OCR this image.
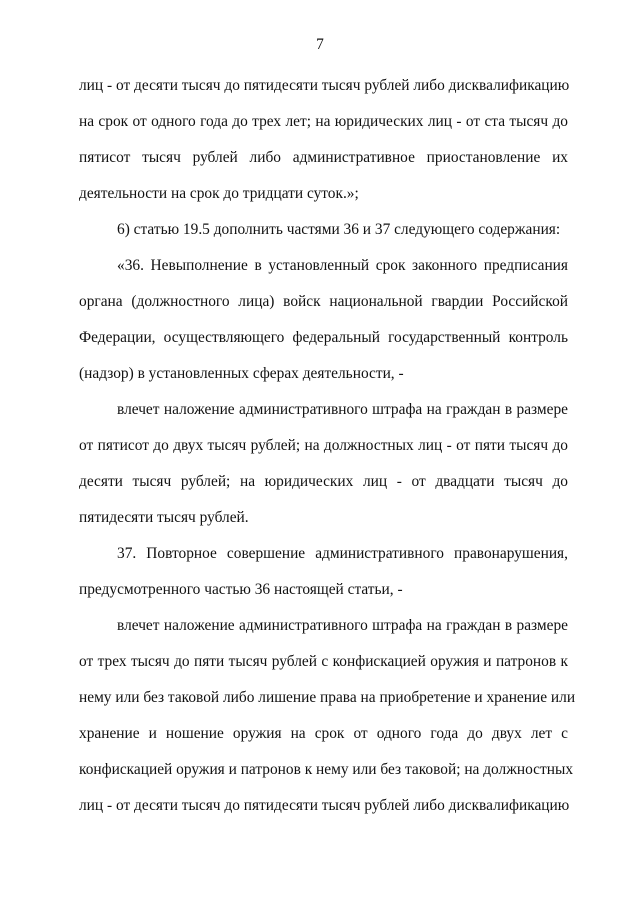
7
лиц - от десяти тысяч до пятидесяти тысяч рублей либо дисквалификацию
на срок от одного года до трех лет; на юридических лиц - от ста тысяч до
пятисот тысяч рублей либо административное приостановление их
деятельности на срок до тридцати суток.»;
6) статью 19.5 дополнить частями 36 и 37 следующего содержания:
«36. Невыполнение в установленный срок законного предписания
органа (должностного лица) войск национальной гвардии Российской
Федерации, осуществляющего федеральный государственный контроль
(надзор) в установленных сферах деятельности, -
влечет наложение административного штрафа на граждан в размере
от пятисот до двух тысяч рублей; на должностных лиц - от пяти тысяч до
десяти тысяч рублей; на юридических лиц - от двадцати тысяч до
пятидесяти тысяч рублей.
37. Повторное совершение административного правонарушения,
предусмотренного частью 36 настоящей статьи, -
влечет наложение административного штрафа на граждан в размере
от трех тысяч до пяти тысяч рублей с конфискацией оружия и патронов к
нему или без таковой либо лишение права на приобретение и хранение или
хранение и ношение оружия на срок от одного года до двух лет с
конфискацией оружия и патронов к нему или без таковой; на должностных
лиц - от десяти тысяч до пятидесяти тысяч рублей либо дисквалификацию
